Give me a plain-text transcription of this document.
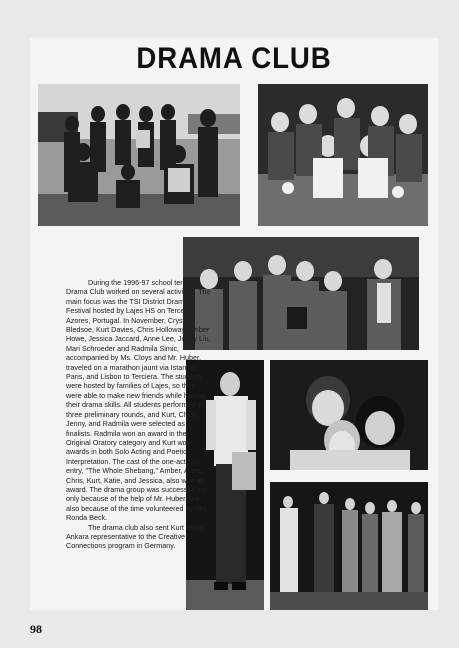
DRAMA CLUB

During the 1996-97 school term the Drama Club worked on several activities. The main focus was the TSI District Drama Festival hosted by Lajes HS on Terceira-Azores, Portugal. In November, Crystal Bledsoe, Kurt Davies, Chris Holloway, Amber Howe, Jessica Jaccard, Anne Lee, Jenny Liu, Mari Schroeder and Radmila Simic, accompanied by Ms. Cloys and Mr. Huber, traveled on a marathon jaunt via Istanbul, Paris, and Lisbon to Terciera. The students were hosted by families of Lajes, so they were able to make new friends while honing their drama skills. All students performed in three preliminary rounds, and Kurt, Chris, Jenny, and Radmila were selected as finalists. Radmila won an award in the Original Oratory category and Kurt won awards in both Solo Acting and Poetic Interpretation. The cast of the one-act play entry, "The Whole Shebang," Amber, Anne, Chris, Kurt, Katie, and Jessica, also won an award. The drama group was successful not only because of the help of Mr. Huber, but also because of the time volunteered by Mrs. Ronda Beck.

The drama club also sent Kurt as an Ankara representative to the Creative Connections program in Germany.

98
